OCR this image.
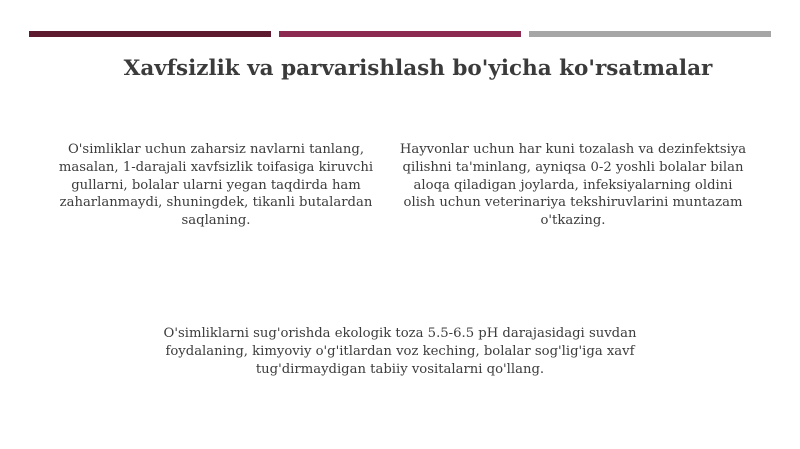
Xavfsizlik va parvarishlash bo'yicha ko'rsatmalar
O'simliklar uchun zaharsiz navlarni tanlang, masalan, 1-darajali xavfsizlik toifasiga kiruvchi gullarni, bolalar ularni yegan taqdirda ham zaharlanmaydi, shuningdek, tikanli butalardan saqlaning.
Hayvonlar uchun har kuni tozalash va dezinfektsiya qilishni ta'minlang, ayniqsa 0-2 yoshli bolalar bilan aloqa qiladigan joylarda, infeksiyalarning oldini olish uchun veterinariya tekshiruvlarini muntazam o'tkazing.
O'simliklarni sug'orishda ekologik toza 5.5-6.5 pH darajasidagi suvdan foydalaning, kimyoviy o'g'itlardan voz keching, bolalar sog'lig'iga xavf tug'dirmaydigan tabiiy vositalarni qo'llang.
